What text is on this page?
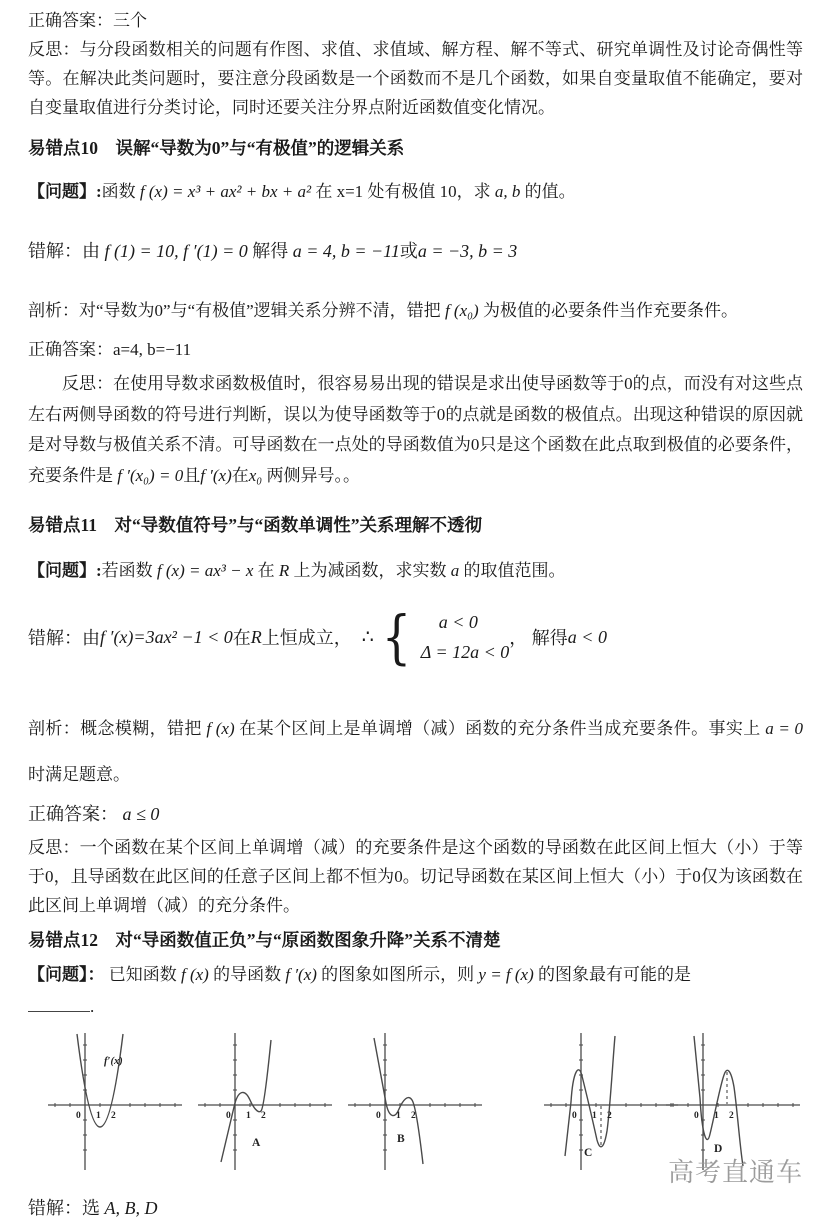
正确答案：三个

反思：与分段函数相关的问题有作图、求值、求值域、解方程、解不等式、研究单调性及讨论奇偶性等等。在解决此类问题时，要注意分段函数是一个函数而不是几个函数，如果自变量取值不能确定，要对自变量取值进行分类讨论，同时还要关注分界点附近函数值变化情况。

易错点10　误解“导数为0”与“有极值”的逻辑关系

【问题】:函数 f (x) = x³ + ax² + bx + a² 在 x=1 处有极值 10，求 a, b 的值。

错解：由 f (1) = 10, f ′(1) = 0 解得 a = 4, b = −11或a = −3, b = 3

剖析：对“导数为0”与“有极值”逻辑关系分辨不清，错把 f (x₀) 为极值的必要条件当作充要条件。

正确答案：a=4, b=−11

反思：在使用导数求函数极值时，很容易易出现的错误是求出使导函数等于0的点，而没有对这些点左右两侧导函数的符号进行判断，误以为使导函数等于0的点就是函数的极值点。出现这种错误的原因就是对导数与极值关系不清。可导函数在一点处的导函数值为0只是这个函数在此点取到极值的必要条件，充要条件是 f ′(x₀) = 0且f ′(x)在x₀ 两侧异号。。

易错点11　对“导数值符号”与“函数单调性”关系理解不透彻

【问题】:若函数 f (x) = ax³ − x 在 R 上为减函数，求实数 a 的取值范围。

错解：由 f ′(x)=3ax² −1 < 0 在 R 上恒成立， ∴ {	a < 0
Δ = 12a < 0
， 解得 a < 0

剖析：概念模糊，错把 f (x) 在某个区间上是单调增（减）函数的充分条件当成充要条件。事实上 a = 0 时满足题意。

正确答案： a ≤ 0

反思：一个函数在某个区间上单调增（减）的充要条件是这个函数的导函数在此区间上恒大（小）于等于0，且导函数在此区间的任意子区间上都不恒为0。切记导函数在某区间上恒大（小）于0仅为该函数在此区间上单调增（减）的充分条件。

易错点12　对“导函数值正负”与“原函数图象升降”关系不清楚

【问题】： 已知函数 f (x) 的导函数 f ′(x) 的图象如图所示，则 y = f (x) 的图象最有可能的是

.

0 1 2
f′(x)
0 1 2
A
0 1 2
B
0 1 2
C
0 1 2
D

错解：选 A, B, D

高考直通车
